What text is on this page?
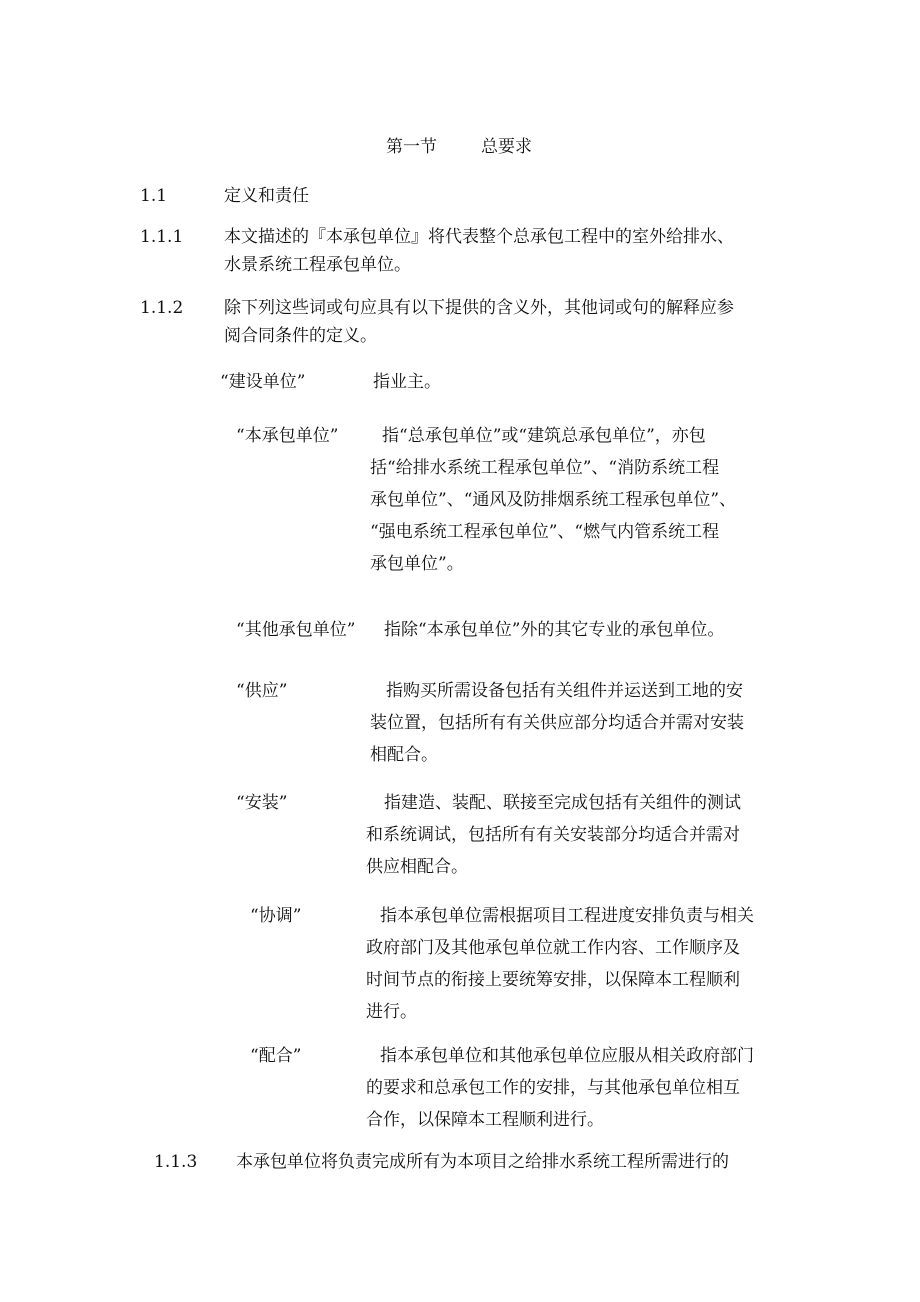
第一节	总要求
1.1	定义和责任
1.1.1 本文描述的『本承包单位』将代表整个总承包工程中的室外给排水、
水景系统工程承包单位。
1.1.2 除下列这些词或句应具有以下提供的含义外，其他词或句的解释应参
阅合同条件的定义。
“建设单位”	指业主。
“本承包单位”	指“总承包单位”或“建筑总承包单位”，亦包
括“给排水系统工程承包单位”、“消防系统工程
承包单位”、“通风及防排烟系统工程承包单位”、
“强电系统工程承包单位”、“燃气内管系统工程
承包单位”。
“其他承包单位” 指除“本承包单位”外的其它专业的承包单位。
“供应”	指购买所需设备包括有关组件并运送到工地的安
装位置，包括所有有关供应部分均适合并需对安装
相配合。
“安装”	指建造、装配、联接至完成包括有关组件的测试
和系统调试，包括所有有关安装部分均适合并需对
供应相配合。
“协调”	指本承包单位需根据项目工程进度安排负责与相关
政府部门及其他承包单位就工作内容、工作顺序及
时间节点的衔接上要统筹安排，以保障本工程顺利
进行。
“配合”	指本承包单位和其他承包单位应服从相关政府部门
的要求和总承包工作的安排，与其他承包单位相互
合作，以保障本工程顺利进行。
1.1.3 本承包单位将负责完成所有为本项目之给排水系统工程所需进行的
